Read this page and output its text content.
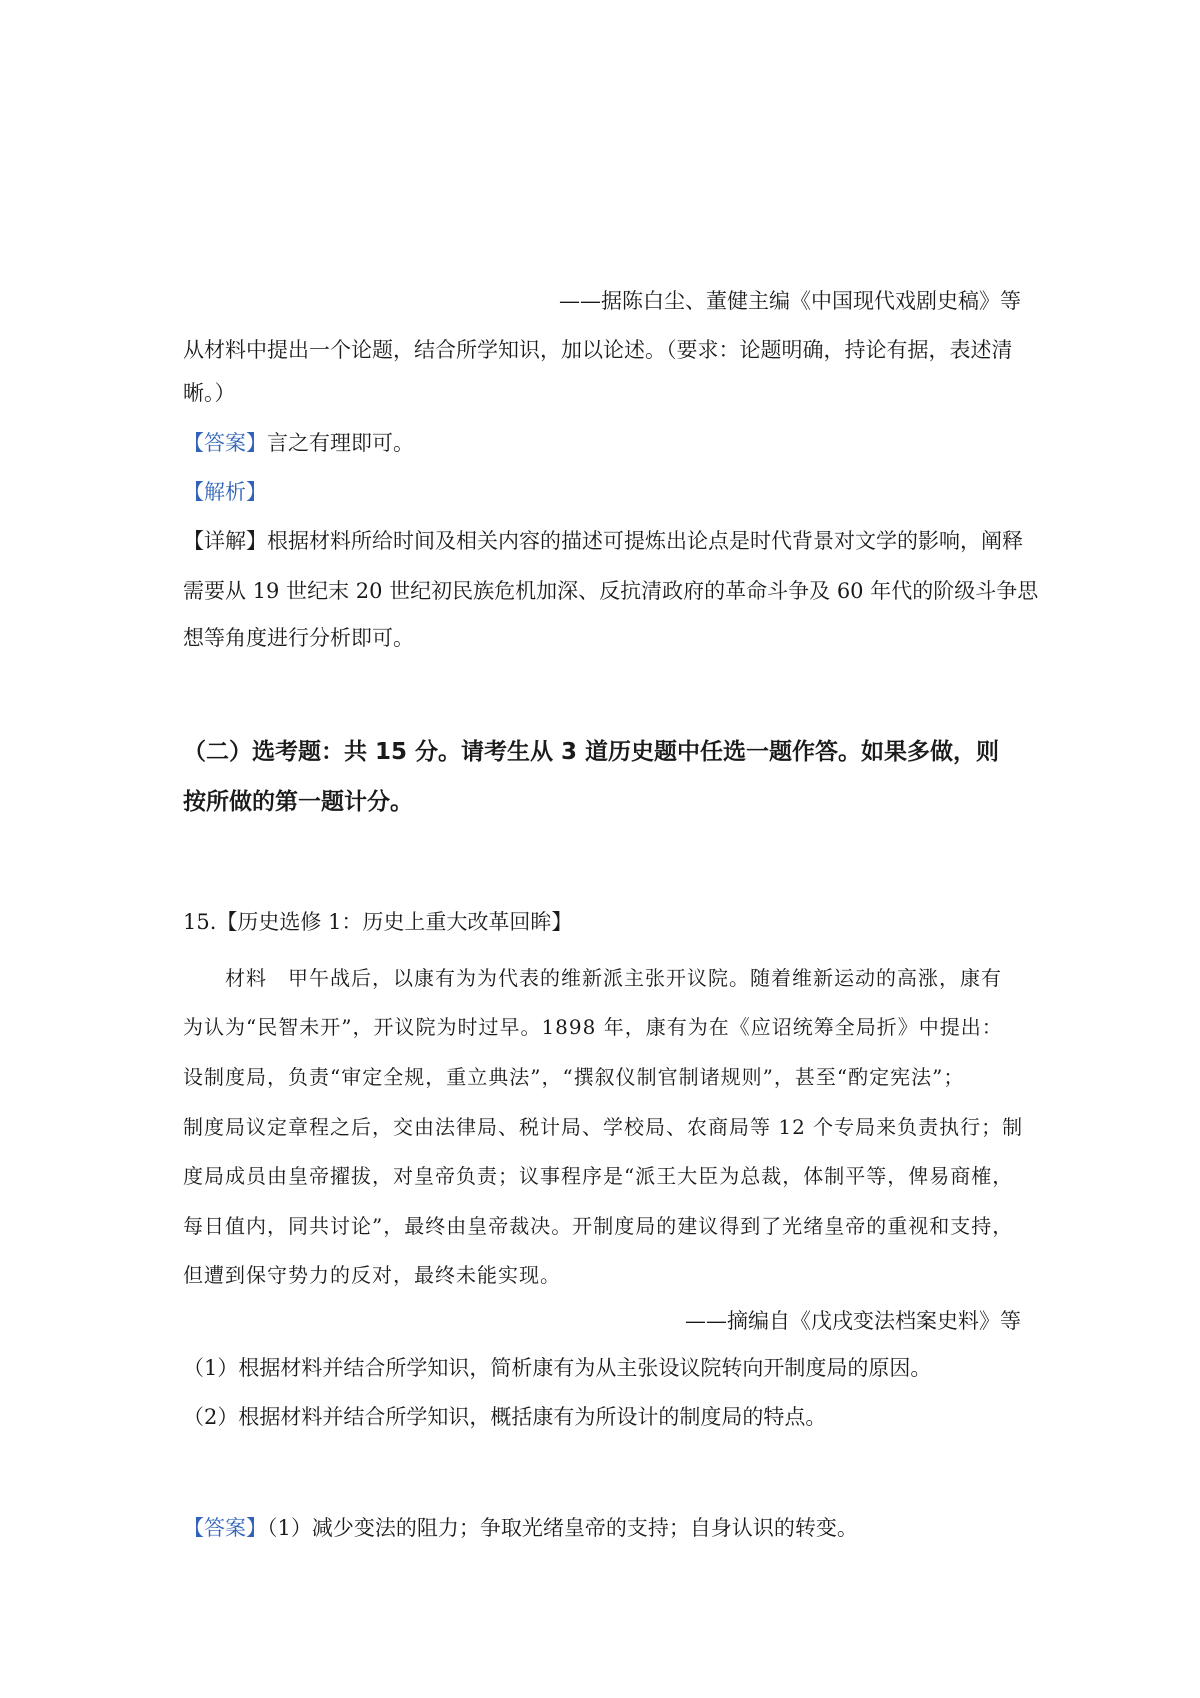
——据陈白尘、董健主编《中国现代戏剧史稿》等
从材料中提出一个论题，结合所学知识，加以论述。（要求：论题明确，持论有据，表述清
晰。）
【答案】言之有理即可。
【解析】
【详解】根据材料所给时间及相关内容的描述可提炼出论点是时代背景对文学的影响，阐释
需要从 19 世纪末 20 世纪初民族危机加深、反抗清政府的革命斗争及 60 年代的阶级斗争思
想等角度进行分析即可。
（二）选考题：共 15 分。请考生从 3 道历史题中任选一题作答。如果多做，则
按所做的第一题计分。
15.【历史选修 1：历史上重大改革回眸】
　　材料　甲午战后，以康有为为代表的维新派主张开议院。随着维新运动的高涨，康有
为认为“民智未开”，开议院为时过早。1898 年，康有为在《应诏统筹全局折》中提出：
设制度局，负责“审定全规，重立典法”，“撰叙仪制官制诸规则”，甚至“酌定宪法”；
制度局议定章程之后，交由法律局、税计局、学校局、农商局等 12 个专局来负责执行；制
度局成员由皇帝擢拔，对皇帝负责；议事程序是“派王大臣为总裁，体制平等，俾易商榷，
每日值内，同共讨论”，最终由皇帝裁决。开制度局的建议得到了光绪皇帝的重视和支持，
但遭到保守势力的反对，最终未能实现。
——摘编自《戊戌变法档案史料》等
（1）根据材料并结合所学知识，简析康有为从主张设议院转向开制度局的原因。
（2）根据材料并结合所学知识，概括康有为所设计的制度局的特点。
【答案】（1）减少变法的阻力；争取光绪皇帝的支持；自身认识的转变。
